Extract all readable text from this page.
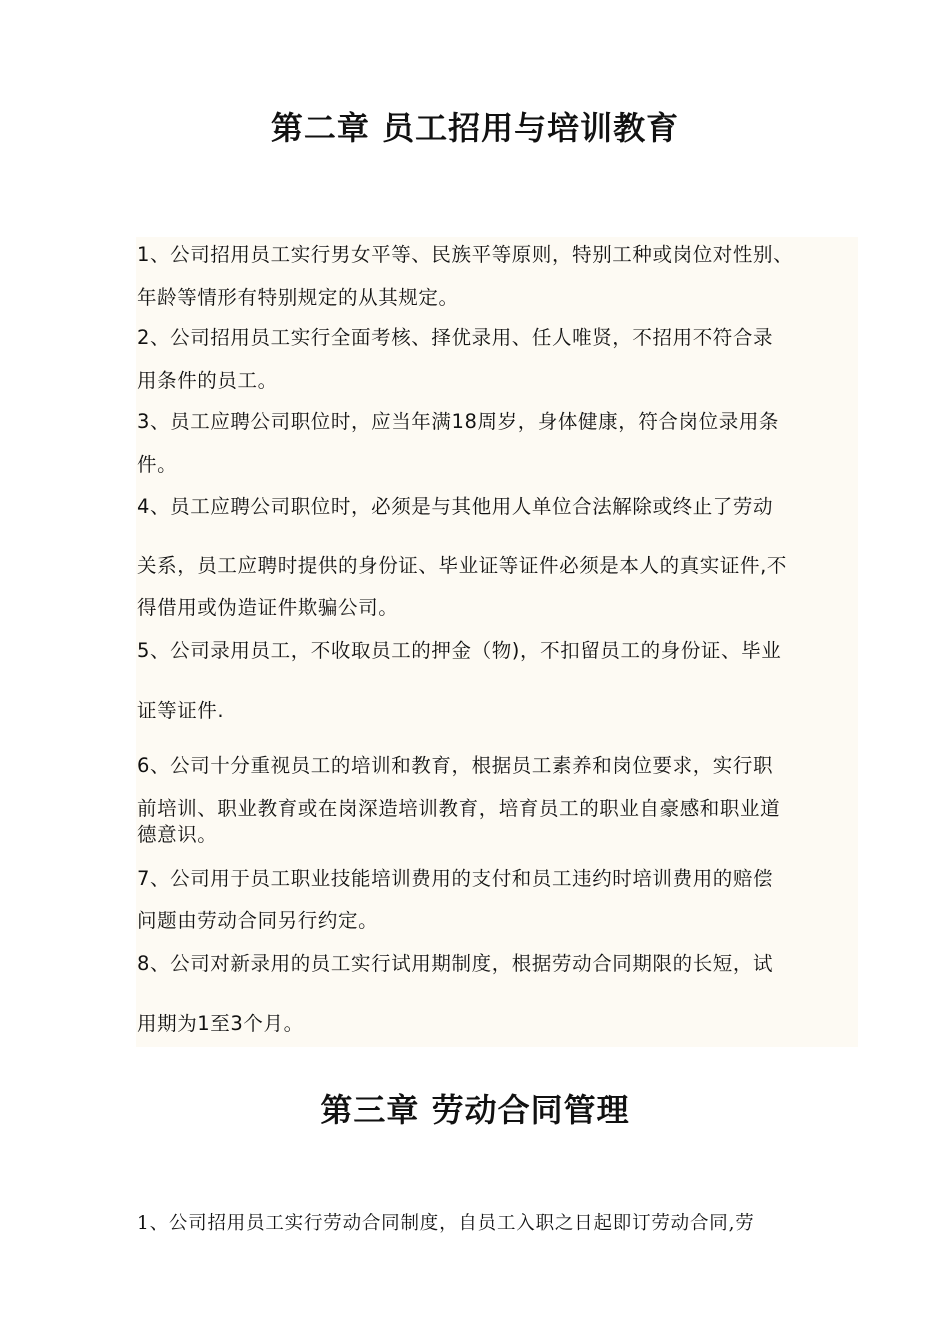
第二章 员工招用与培训教育

1、公司招用员工实行男女平等、民族平等原则，特别工种或岗位对性别、

年龄等情形有特别规定的从其规定。

2、公司招用员工实行全面考核、择优录用、任人唯贤，不招用不符合录

用条件的员工。

3、员工应聘公司职位时，应当年满18周岁，身体健康，符合岗位录用条

件。

4、员工应聘公司职位时，必须是与其他用人单位合法解除或终止了劳动

关系，员工应聘时提供的身份证、毕业证等证件必须是本人的真实证件,不

得借用或伪造证件欺骗公司。

5、公司录用员工，不收取员工的押金（物)，不扣留员工的身份证、毕业

证等证件.

6、公司十分重视员工的培训和教育，根据员工素养和岗位要求，实行职

前培训、职业教育或在岗深造培训教育，培育员工的职业自豪感和职业道

德意识。

7、公司用于员工职业技能培训费用的支付和员工违约时培训费用的赔偿

问题由劳动合同另行约定。

8、公司对新录用的员工实行试用期制度，根据劳动合同期限的长短，试

用期为1至3个月。

第三章 劳动合同管理

1、公司招用员工实行劳动合同制度，自员工入职之日起即订劳动合同,劳
